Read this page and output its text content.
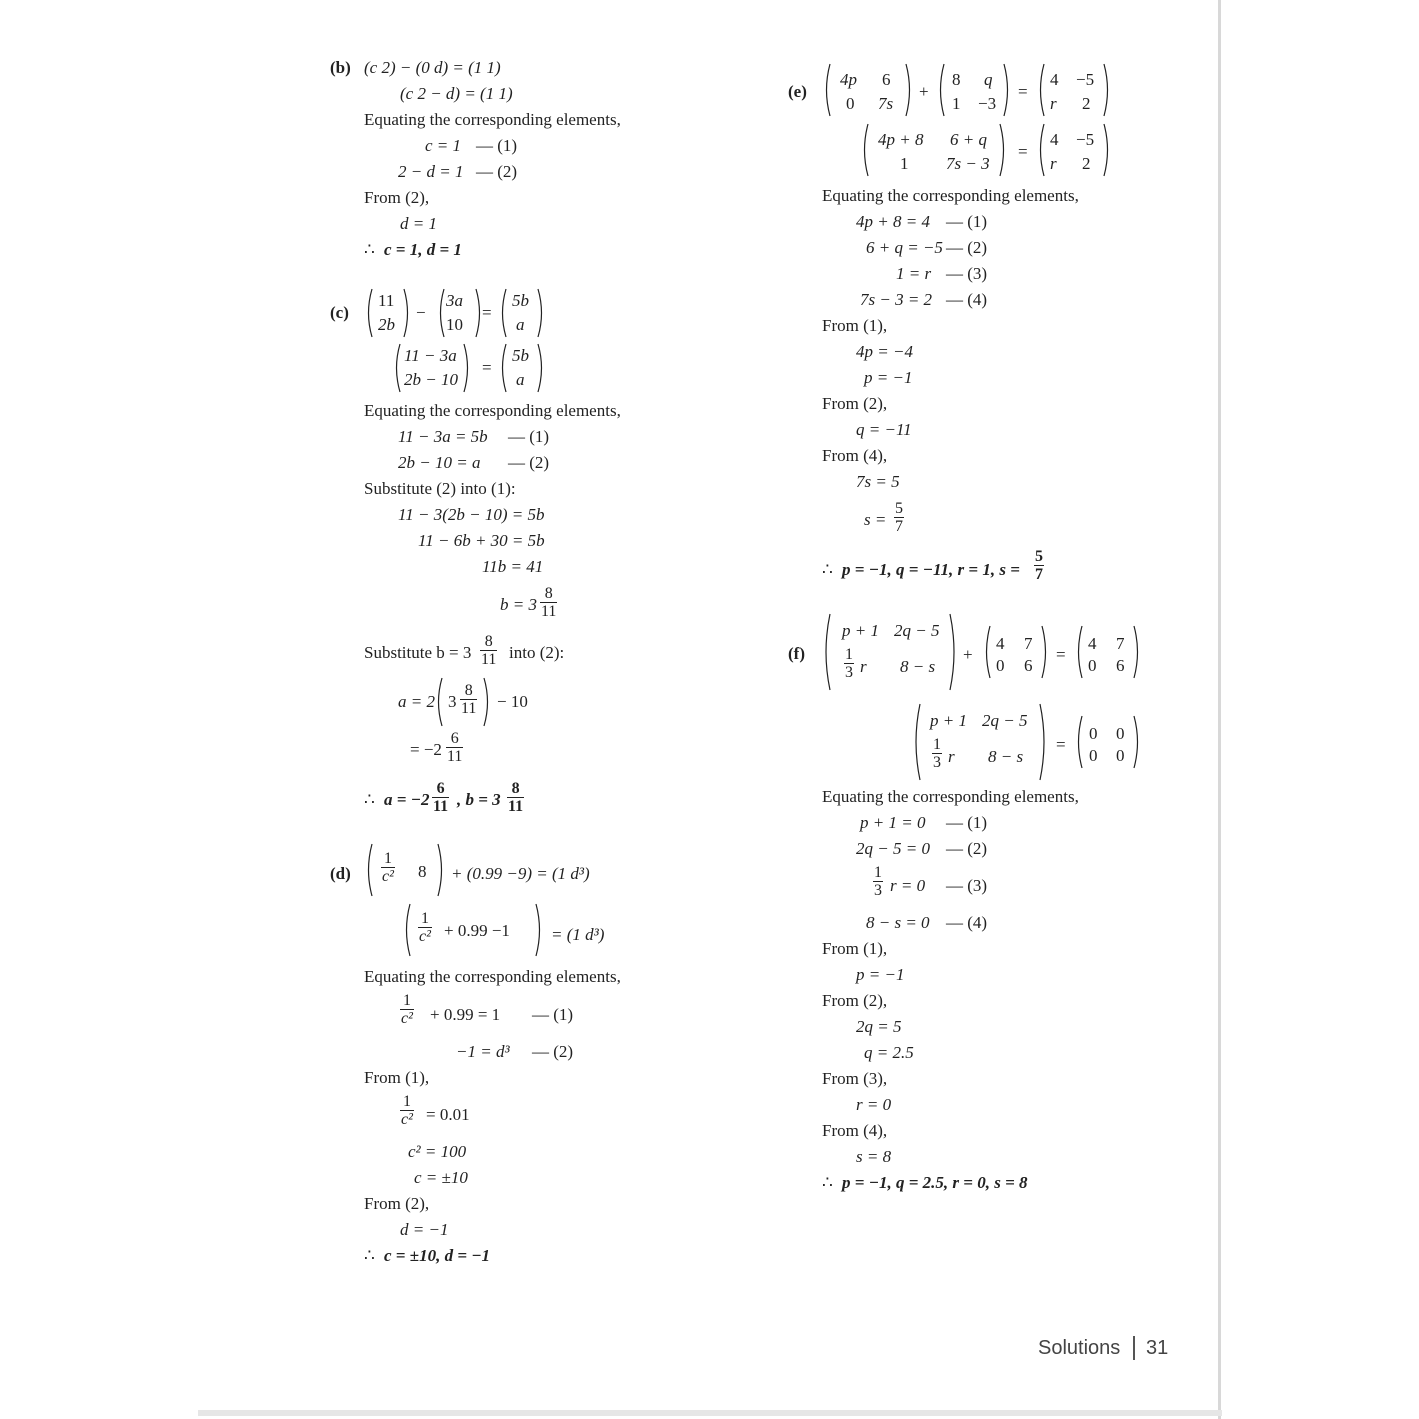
(b) (c 2) − (0 d) = (1 1)
(c 2 − d) = (1 1)
Equating the corresponding elements,
c = 1 — (1)
2 − d = 1 — (2)
From (2),
d = 1
∴ c = 1, d = 1
(c)
11
2b
−
3a
10
=
5b
a
11 − 3a
2b − 10
=
5b
a
Equating the corresponding elements,
11 − 3a = 5b — (1)
2b − 10 = a — (2)
Substitute (2) into (1):
11 − 3(2b − 10) = 5b
11 − 6b + 30 = 5b
11b = 41
$b = 3 \frac{8}{11}$
Substitute $b = 3 \frac{8}{11}$ into (2):
a = 2 $3 \frac{8}{11} - 10$
= $-2 \frac{6}{11}$
∴ $a = -2 \frac{6}{11}$ , $b = 3 \frac{8}{11}$
$(d) \frac{1}{\text{c²}} 8 + (0.99 -9) = (1$ d³)
$\frac{1}{\text{c²}} + 0.99 -1 = (1$ d³)
Equating the corresponding elements,
$\frac{1}{\text{c²}} + 0.99 = 1$ — (1)
−1 = d³ — (2)
From (1),
$\frac{1}{\text{c²}} = 0.01$
c² = 100
c = ±10
From (2),
d = −1
∴ c = ±10, d = −1
(e)
4p 6
0 7s
+
8 q
1 −3
=
4 −5
r 2
4p + 8 6 + q
1 7s − 3
=
4 −5
r 2
Equating the corresponding elements,
4p + 8 = 4 — (1)
6 + q = −5 — (2)
1 = r — (3)
7s − 3 = 2 — (4)
From (1),
4p = −4
p = −1
From (2),
q = −11
From (4),
7s = 5
$s = \frac{5}{7}$
∴ p = −1, q = −11, r = 1, $s = \frac{5}{7}$
(f)
p + 1 2q − 5
$\frac{1}{3}$ r 8 − s
+
4 7
0 6
=
4 7
0 6
p + 1 2q − 5
$\frac{1}{3}$ r 8 − s
=
0 0
0 0
Equating the corresponding elements,
p + 1 = 0 — (1)
2q − 5 = 0 — (2)
$\frac{1}{3}$ r = 0 — (3)
8 − s = 0 — (4)
From (1),
p = −1
From (2),
2q = 5
q = 2.5
From (3),
r = 0
From (4),
s = 8
∴ p = −1, q = 2.5, r = 0, s = 8
Solutions 31
